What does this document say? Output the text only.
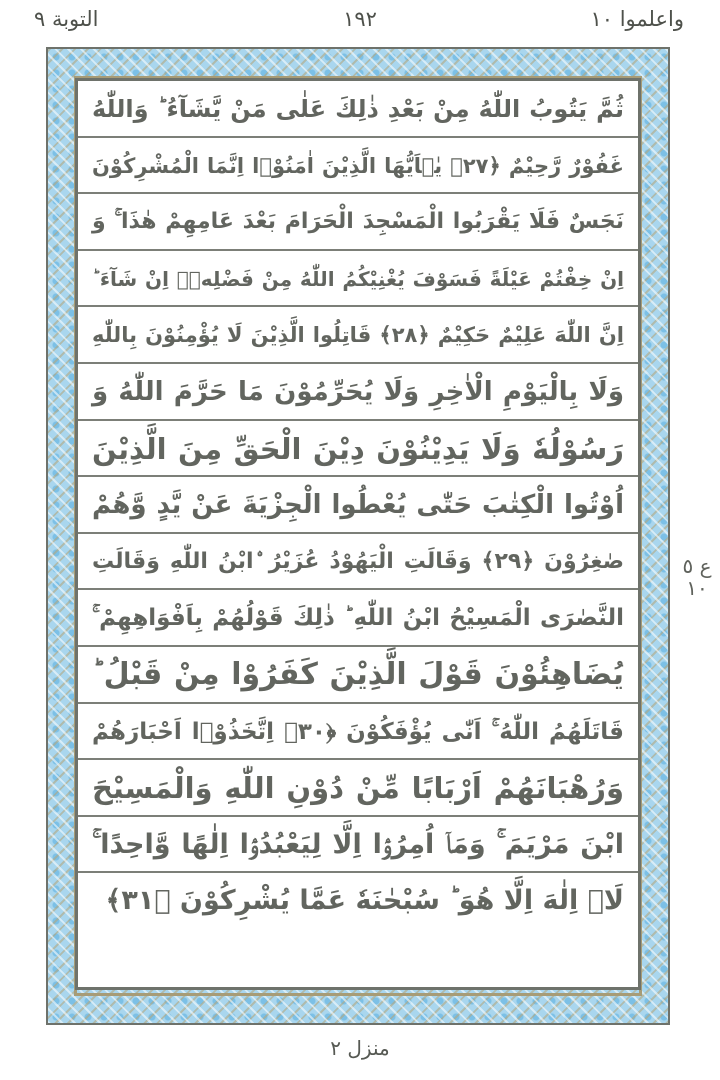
واعلموا ١٠
١٩٢
التوبة ٩
ثُمَّ يَتُوبُ اللّٰهُ مِنْ بَعْدِ ذٰلِكَ عَلٰى مَنْ يَّشَآءُ ؕ وَاللّٰهُ
غَفُوْرٌ رَّحِيْمٌ ﴿٢٧﴾ يٰۤاَيُّهَا الَّذِيْنَ اٰمَنُوْۤا اِنَّمَا الْمُشْرِكُوْنَ
نَجَسٌ فَلَا يَقْرَبُوا الْمَسْجِدَ الْحَرَامَ بَعْدَ عَامِهِمْ هٰذَا ۚ وَ
اِنْ خِفْتُمْ عَيْلَةً فَسَوْفَ يُغْنِيْكُمُ اللّٰهُ مِنْ فَضْلِهٖۤ اِنْ شَآءَ ؕ
اِنَّ اللّٰهَ عَلِيْمٌ حَكِيْمٌ ﴿٢٨﴾ قَاتِلُوا الَّذِيْنَ لَا يُؤْمِنُوْنَ بِاللّٰهِ
وَلَا بِالْيَوْمِ الْاٰخِرِ وَلَا يُحَرِّمُوْنَ مَا حَرَّمَ اللّٰهُ وَ
رَسُوْلُهٗ وَلَا يَدِيْنُوْنَ دِيْنَ الْحَقِّ مِنَ الَّذِيْنَ
اُوْتُوا الْكِتٰبَ حَتّٰى يُعْطُوا الْجِزْيَةَ عَنْ يَّدٍ وَّهُمْ
صٰغِرُوْنَ ﴿٢٩﴾ وَقَالَتِ الْيَهُوْدُ عُزَيْرُ ۨابْنُ اللّٰهِ وَقَالَتِ
النَّصٰرَى الْمَسِيْحُ ابْنُ اللّٰهِ ؕ ذٰلِكَ قَوْلُهُمْ بِاَفْوَاهِهِمْ ۚ
يُضَاهِئُوْنَ قَوْلَ الَّذِيْنَ كَفَرُوْا مِنْ قَبْلُ ؕ
قَاتَلَهُمُ اللّٰهُ ۚ اَنّٰى يُؤْفَكُوْنَ ﴿٣٠﴾ اِتَّخَذُوْۤا اَحْبَارَهُمْ
وَرُهْبَانَهُمْ اَرْبَابًا مِّنْ دُوْنِ اللّٰهِ وَالْمَسِيْحَ
ابْنَ مَرْيَمَ ۚ وَمَاۤ اُمِرُوْۤا اِلَّا لِيَعْبُدُوْۤا اِلٰهًا وَّاحِدًا ۚ
لَاۤ اِلٰهَ اِلَّا هُوَ ؕ سُبْحٰنَهٗ عَمَّا يُشْرِكُوْنَ ﴿٣١﴾
ع ٥ ١٠
منزل ٢
